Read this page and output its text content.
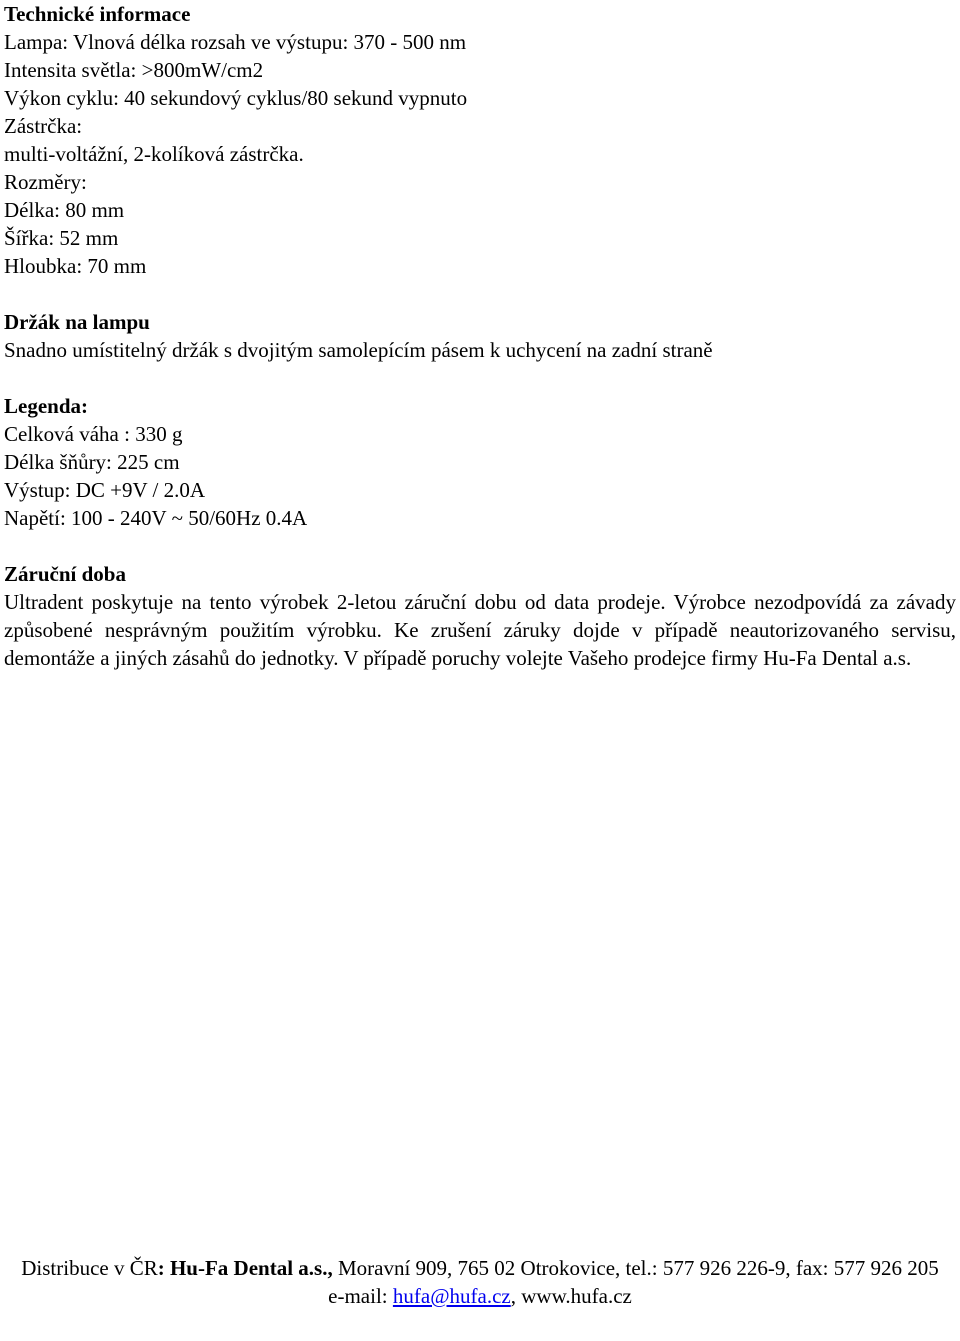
Technické informace
Lampa: Vlnová délka rozsah ve výstupu: 370 - 500 nm
Intensita světla: >800mW/cm2
Výkon cyklu: 40 sekundový cyklus/80 sekund vypnuto
Zástrčka:
multi-voltážní, 2-kolíková zástrčka.
Rozměry:
Délka: 80 mm
Šířka: 52 mm
Hloubka: 70 mm
Držák na lampu
Snadno umístitelný držák s dvojitým samolepícím pásem k uchycení na zadní straně
Legenda:
Celková váha : 330 g
Délka šňůry: 225 cm
Výstup: DC +9V / 2.0A
Napětí: 100 - 240V ~ 50/60Hz 0.4A
Záruční doba
Ultradent poskytuje na tento výrobek 2-letou záruční dobu od data prodeje. Výrobce nezodpovídá za závady způsobené nesprávným použitím výrobku. Ke zrušení záruky dojde v případě neautorizovaného servisu, demontáže a jiných zásahů do jednotky. V případě poruchy volejte Vašeho prodejce firmy Hu-Fa Dental a.s.
Distribuce v ČR: Hu-Fa Dental a.s., Moravní 909, 765 02 Otrokovice, tel.: 577 926 226-9, fax: 577 926 205
e-mail: hufa@hufa.cz, www.hufa.cz
